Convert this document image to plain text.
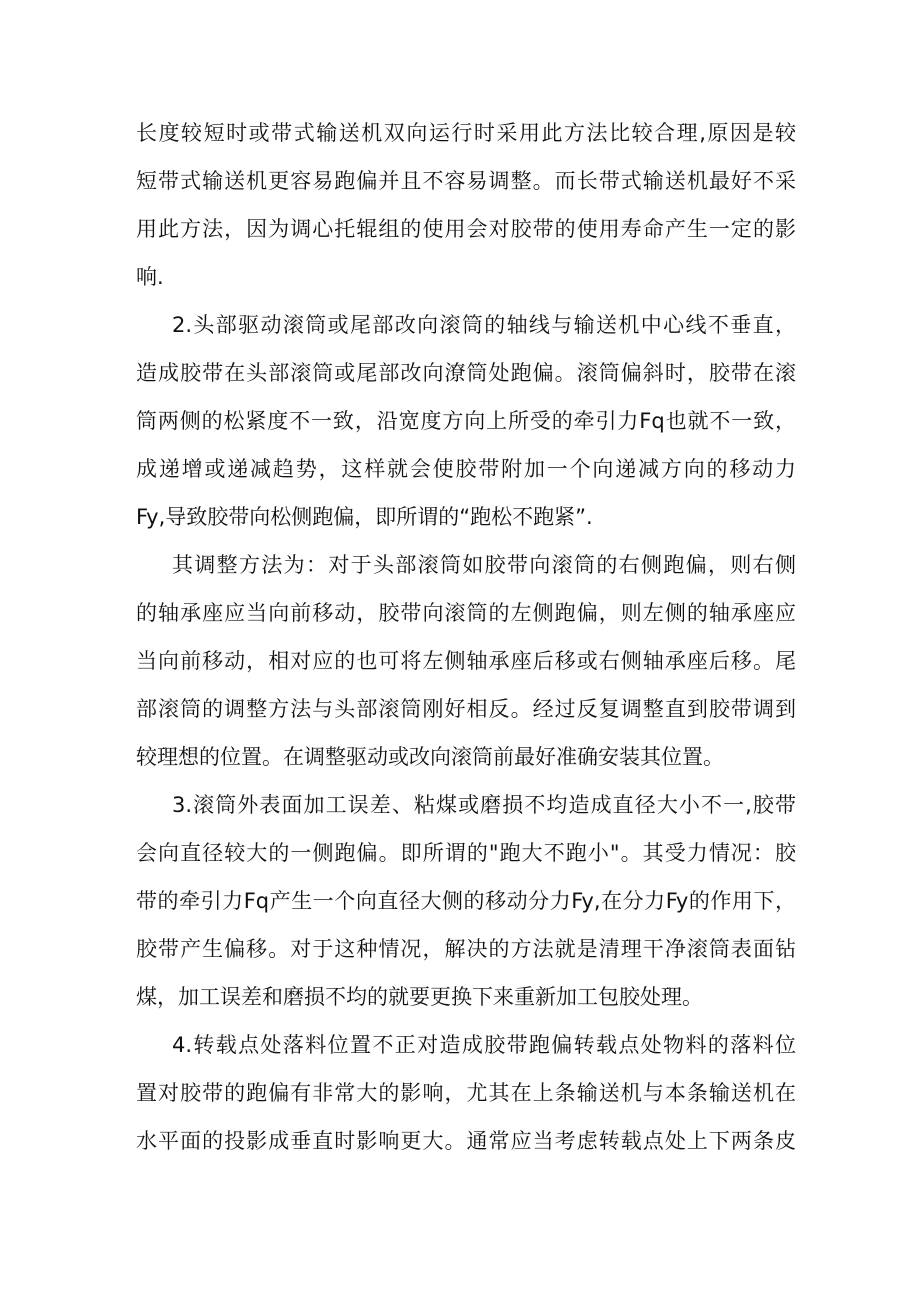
长度较短时或带式输送机双向运行时采用此方法比较合理,原因是较
短带式输送机更容易跑偏并且不容易调整。而长带式输送机最好不采
用此方法，因为调心托辊组的使用会对胶带的使用寿命产生一定的影
响.
2.头部驱动滚筒或尾部改向滚筒的轴线与输送机中心线不垂直，
造成胶带在头部滚筒或尾部改向潦筒处跑偏。滚筒偏斜时，胶带在滚
筒两侧的松紧度不一致，沿宽度方向上所受的牵引力Fq也就不一致，
成递增或递减趋势，这样就会使胶带附加一个向递减方向的移动力
Fy,导致胶带向松侧跑偏，即所谓的“跑松不跑紧”.
其调整方法为：对于头部滚筒如胶带向滚筒的右侧跑偏，则右侧
的轴承座应当向前移动，胶带向滚筒的左侧跑偏，则左侧的轴承座应
当向前移动，相对应的也可将左侧轴承座后移或右侧轴承座后移。尾
部滚筒的调整方法与头部滚筒刚好相反。经过反复调整直到胶带调到
较理想的位置。在调整驱动或改向滚筒前最好准确安装其位置。
3.滚筒外表面加工误差、粘煤或磨损不均造成直径大小不一,胶带
会向直径较大的一侧跑偏。即所谓的"跑大不跑小"。其受力情况：胶
带的牵引力Fq产生一个向直径大侧的移动分力Fy,在分力Fy的作用下，
胶带产生偏移。对于这种情况，解决的方法就是清理干净滚筒表面钻
煤，加工误差和磨损不均的就要更换下来重新加工包胶处理。
4.转载点处落料位置不正对造成胶带跑偏转载点处物料的落料位
置对胶带的跑偏有非常大的影响，尤其在上条输送机与本条输送机在
水平面的投影成垂直时影响更大。通常应当考虑转载点处上下两条皮
